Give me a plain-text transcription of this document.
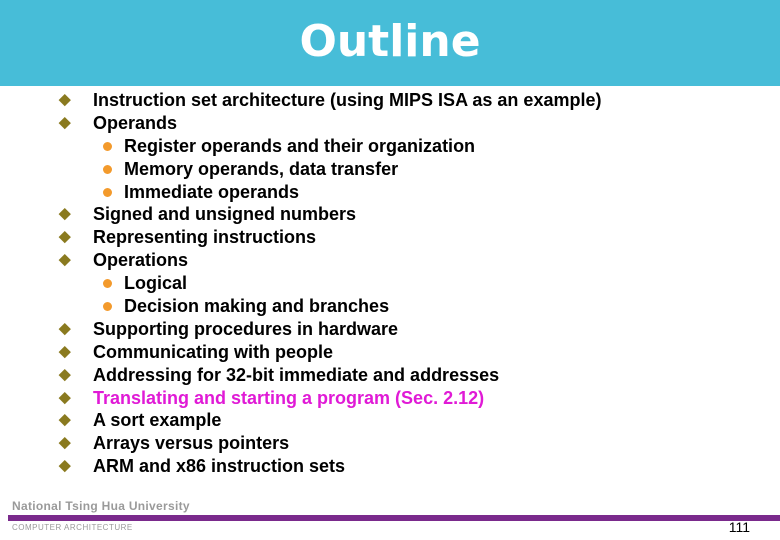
Outline
◆ Instruction set architecture (using MIPS ISA as an example)
◆ Operands
Register operands and their organization
Memory operands, data transfer
Immediate operands
◆ Signed and unsigned numbers
◆ Representing instructions
◆ Operations
Logical
Decision making and branches
◆ Supporting procedures in hardware
◆ Communicating with people
◆ Addressing for 32-bit immediate and addresses
◆ Translating and starting a program (Sec. 2.12)
◆ A sort example
◆ Arrays versus pointers
◆ ARM and x86 instruction sets
National Tsing Hua University
COMPUTER ARCHITECTURE	111
